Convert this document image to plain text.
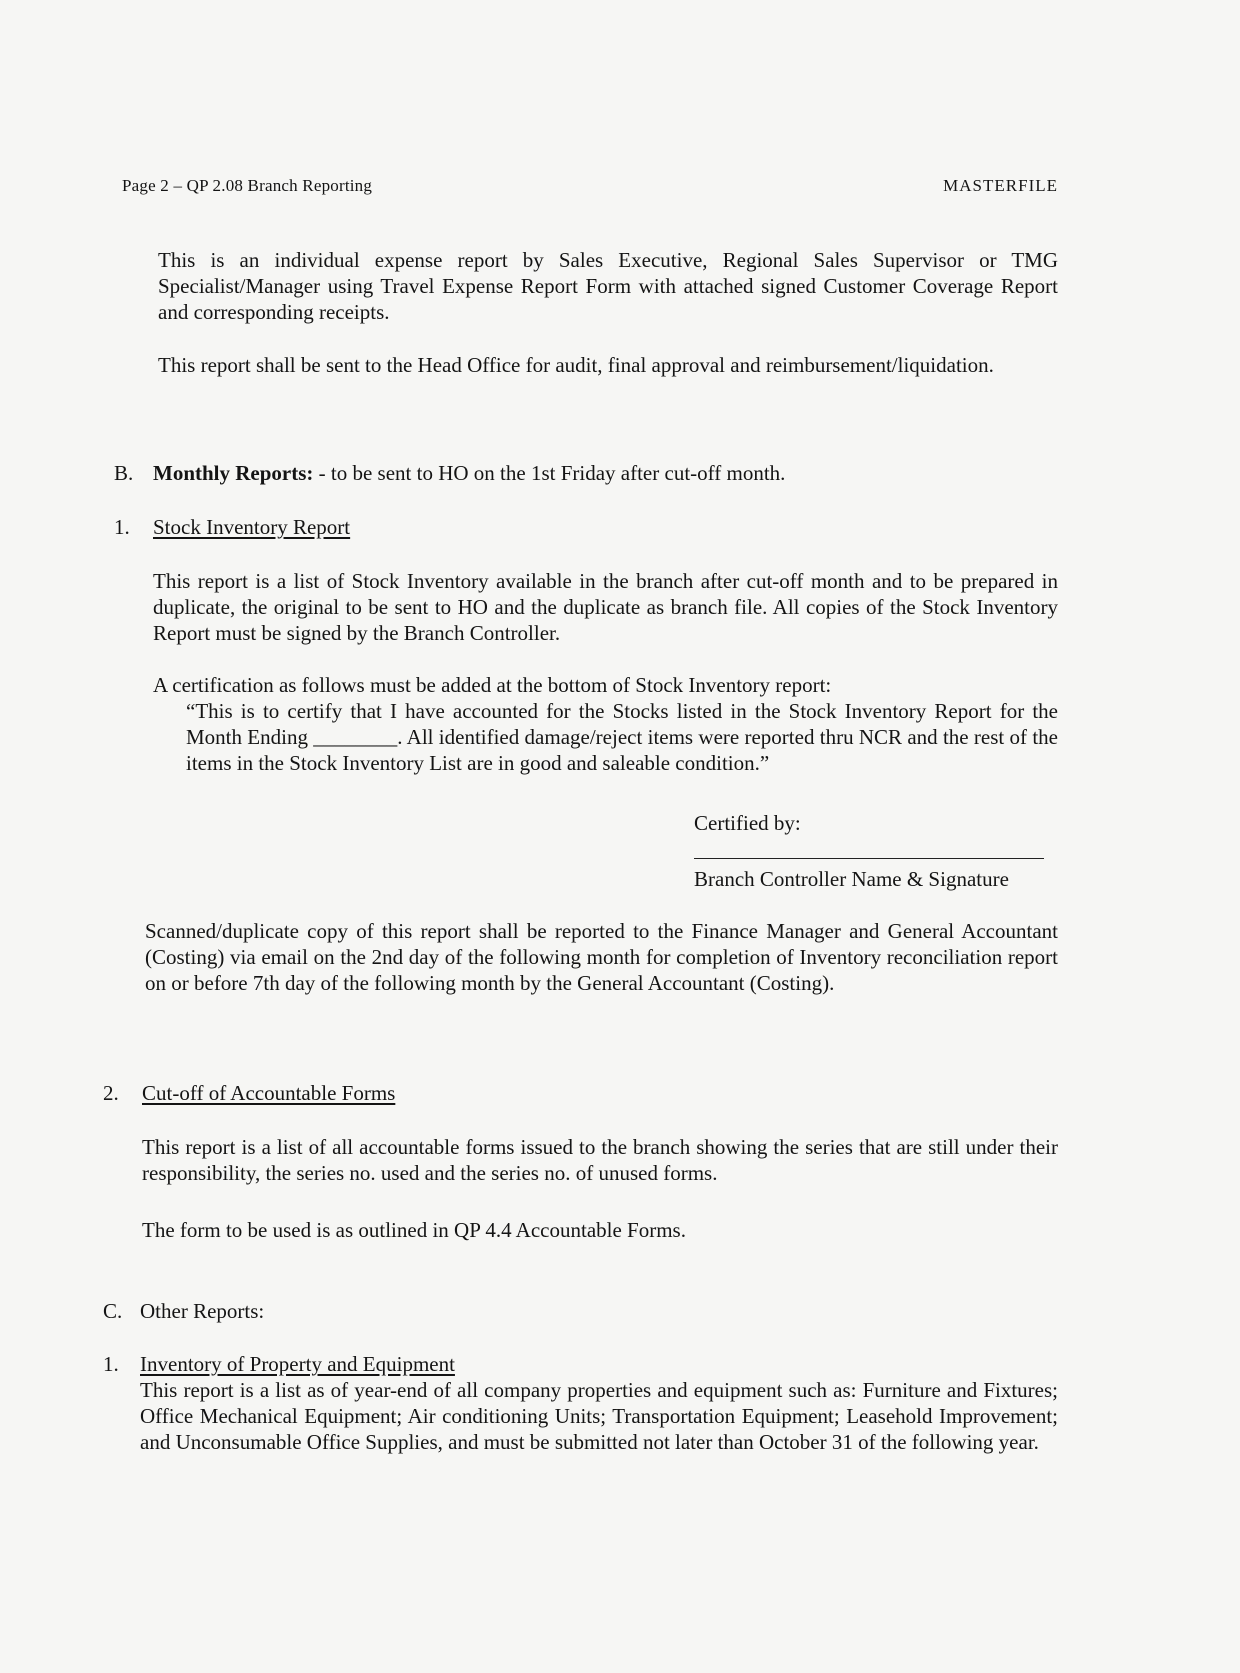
Page 2 – QP 2.08 Branch Reporting	MASTERFILE
This is an individual expense report by Sales Executive, Regional Sales Supervisor or TMG Specialist/Manager using Travel Expense Report Form with attached signed Customer Coverage Report and corresponding receipts.
This report shall be sent to the Head Office for audit, final approval and reimbursement/liquidation.
B. Monthly Reports: - to be sent to HO on the 1st Friday after cut-off month.
1. Stock Inventory Report
This report is a list of Stock Inventory available in the branch after cut-off month and to be prepared in duplicate, the original to be sent to HO and the duplicate as branch file. All copies of the Stock Inventory Report must be signed by the Branch Controller.
A certification as follows must be added at the bottom of Stock Inventory report:
“This is to certify that I have accounted for the Stocks listed in the Stock Inventory Report for the Month Ending ________. All identified damage/reject items were reported thru NCR and the rest of the items in the Stock Inventory List are in good and saleable condition.”
Certified by:
Branch Controller Name & Signature
Scanned/duplicate copy of this report shall be reported to the Finance Manager and General Accountant (Costing) via email on the 2nd day of the following month for completion of Inventory reconciliation report on or before 7th day of the following month by the General Accountant (Costing).
2. Cut-off of Accountable Forms
This report is a list of all accountable forms issued to the branch showing the series that are still under their responsibility, the series no. used and the series no. of unused forms.
The form to be used is as outlined in QP 4.4 Accountable Forms.
C. Other Reports:
1. Inventory of Property and Equipment
This report is a list as of year-end of all company properties and equipment such as: Furniture and Fixtures; Office Mechanical Equipment; Air conditioning Units; Transportation Equipment; Leasehold Improvement; and Unconsumable Office Supplies, and must be submitted not later than October 31 of the following year.
